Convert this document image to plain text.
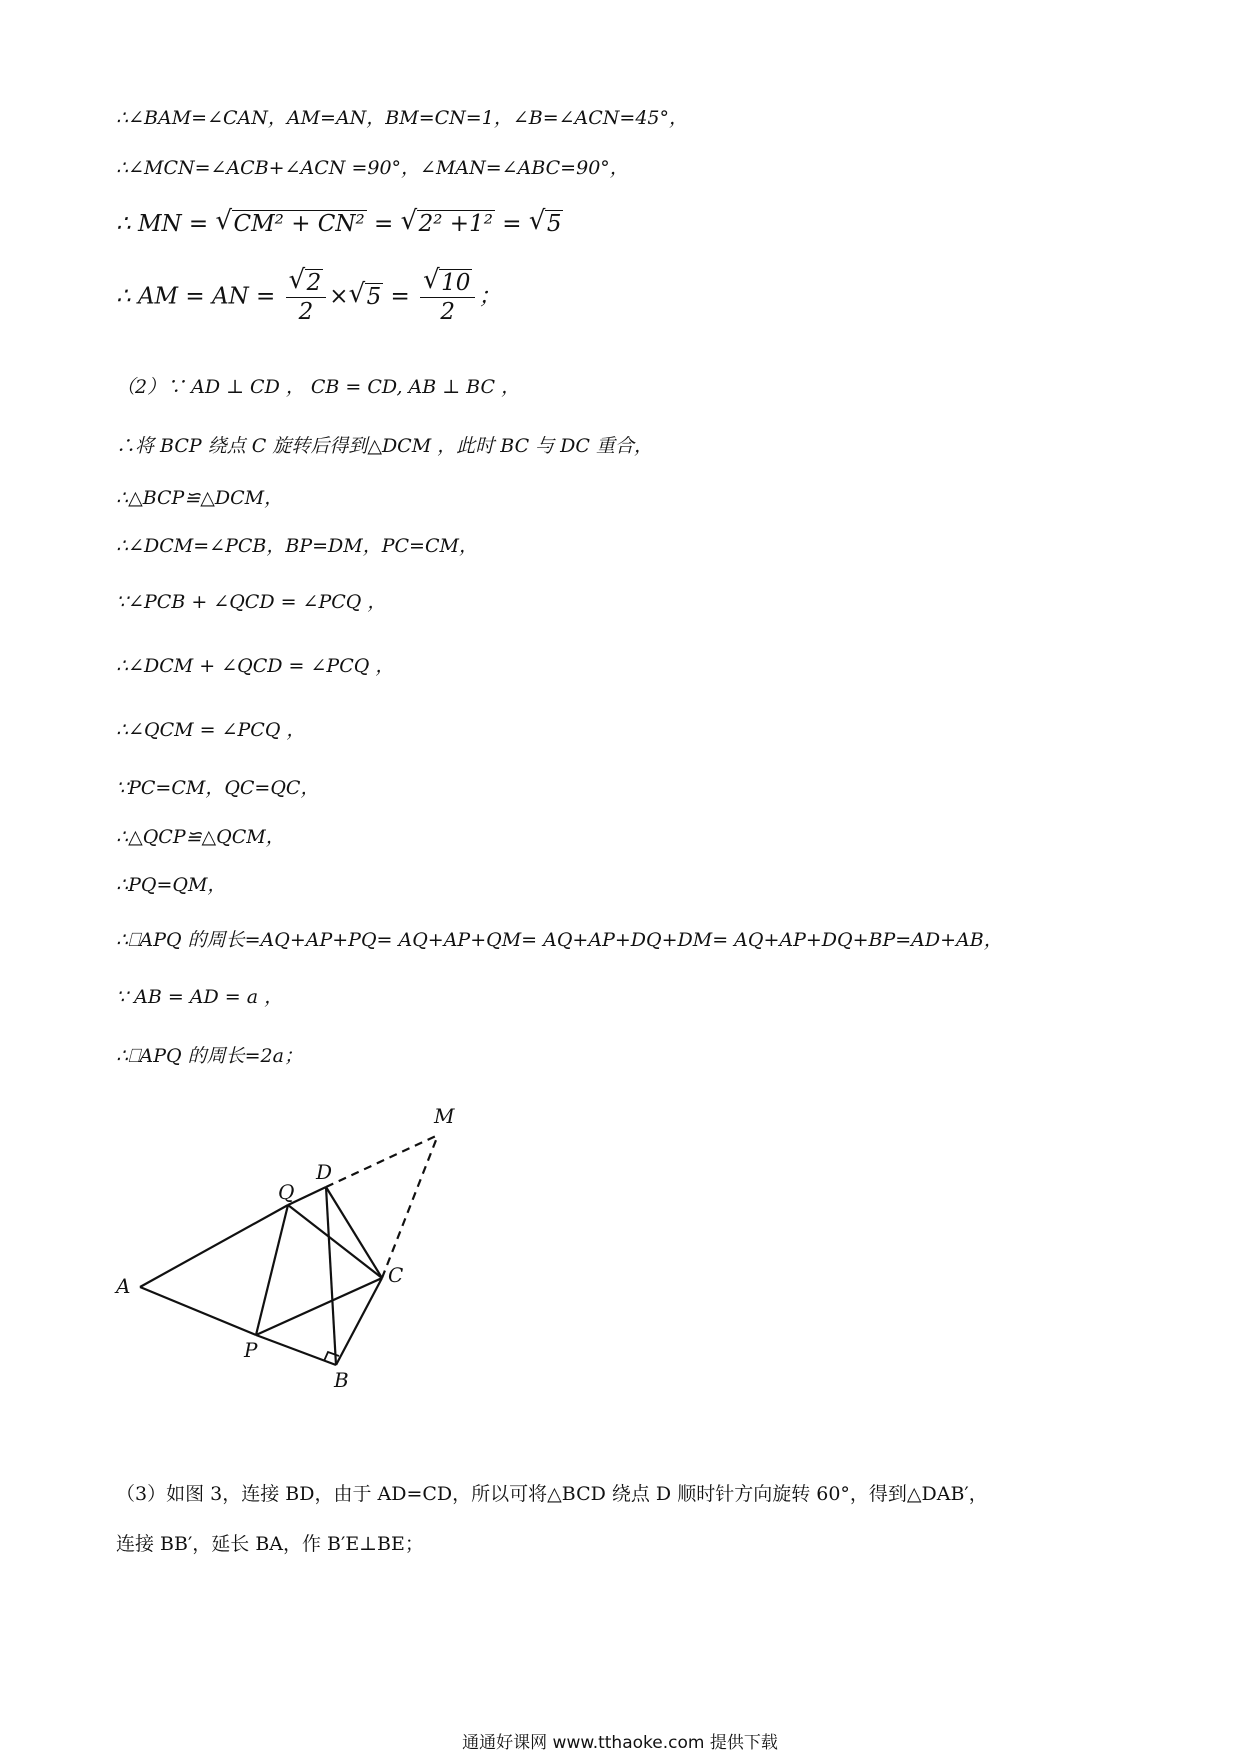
∴∠BAM=∠CAN，AM=AN，BM=CN=1，∠B=∠ACN=45°，
∴∠MCN=∠ACB+∠ACN =90°，∠MAN=∠ABC=90°，
∴ MN = √ CM² + CN² = √ 2² +1² = √ 5
∴ AM = AN = √ $\frac{2}{2}$ × √ 5 = √ $\frac{10}{2}$ ；
（2）∵ AD ⊥ CD ， CB = CD, AB ⊥ BC ，
∴将 BCP 绕点 C 旋转后得到△DCM ，此时 BC 与 DC 重合，
∴△BCP≌△DCM，
∴∠DCM=∠PCB，BP=DM，PC=CM，
∵∠PCB + ∠QCD = ∠PCQ ，
∴∠DCM + ∠QCD = ∠PCQ ，
∴∠QCM = ∠PCQ ，
∵PC=CM，QC=QC，
∴△QCP≌△QCM，
∴PQ=QM，
∴⎕APQ 的周长=AQ+AP+PQ= AQ+AP+QM= AQ+AP+DQ+DM= AQ+AP+DQ+BP=AD+AB，
∵ AB = AD = a ，
∴⎕APQ 的周长=2a；
A
B
C
D
P
Q
M
（3）如图 3，连接 BD，由于 AD=CD，所以可将△BCD 绕点 D 顺时针方向旋转 60°，得到△DAB′，
连接 BB′，延长 BA，作 B′E⊥BE；
通通好课网 www.tthaoke.com 提供下载
